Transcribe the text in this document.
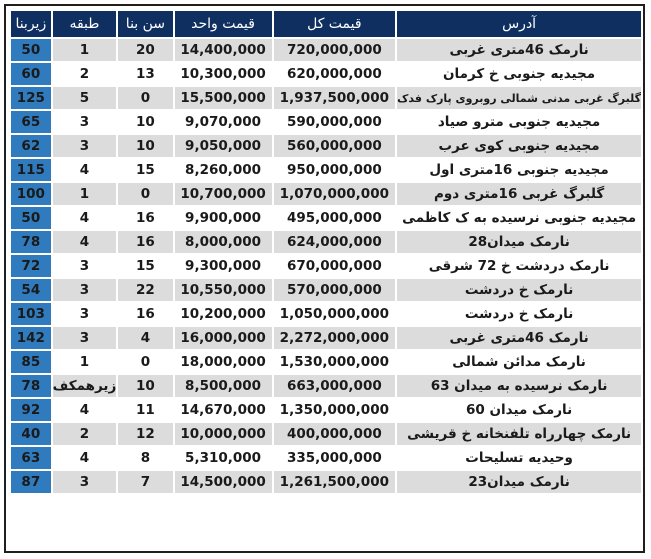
آدرس	قیمت کل	قیمت واحد	سن بنا	طبقه	زیربنا
نارمک 46متری غربی	720,000,000	14,400,000	20	1	50
مجیدیه جنوبی خ کرمان	620,000,000	10,300,000	13	2	60
گلبرگ غربی مدنی شمالی روبروی پارک فدک	1,937,500,000	15,500,000	0	5	125
مجیدیه جنوبی مترو صیاد	590,000,000	9,070,000	10	3	65
مجیدیه جنوبی کوی عرب	560,000,000	9,050,000	10	3	62
مجیدیه جنوبی 16متری اول	950,000,000	8,260,000	15	4	115
گلبرگ غربی 16متری دوم	1,070,000,000	10,700,000	0	1	100
مجیدیه جنوبی نرسیده به ک کاظمی	495,000,000	9,900,000	16	4	50
نارمک میدان28	624,000,000	8,000,000	16	4	78
نارمک دردشت خ 72 شرقی	670,000,000	9,300,000	15	3	72
نارمک خ دردشت	570,000,000	10,550,000	22	3	54
نارمک خ دردشت	1,050,000,000	10,200,000	16	3	103
نارمک 46متری غربی	2,272,000,000	16,000,000	4	3	142
نارمک مدائن شمالی	1,530,000,000	18,000,000	0	1	85
نارمک نرسیده به میدان 63	663,000,000	8,500,000	10	زیرهمکف	78
نارمک میدان 60	1,350,000,000	14,670,000	11	4	92
نارمک چهارراه تلفنخانه خ قریشی	400,000,000	10,000,000	12	2	40
وحیدیه تسلیحات	335,000,000	5,310,000	8	4	63
نارمک میدان23	1,261,500,000	14,500,000	7	3	87
